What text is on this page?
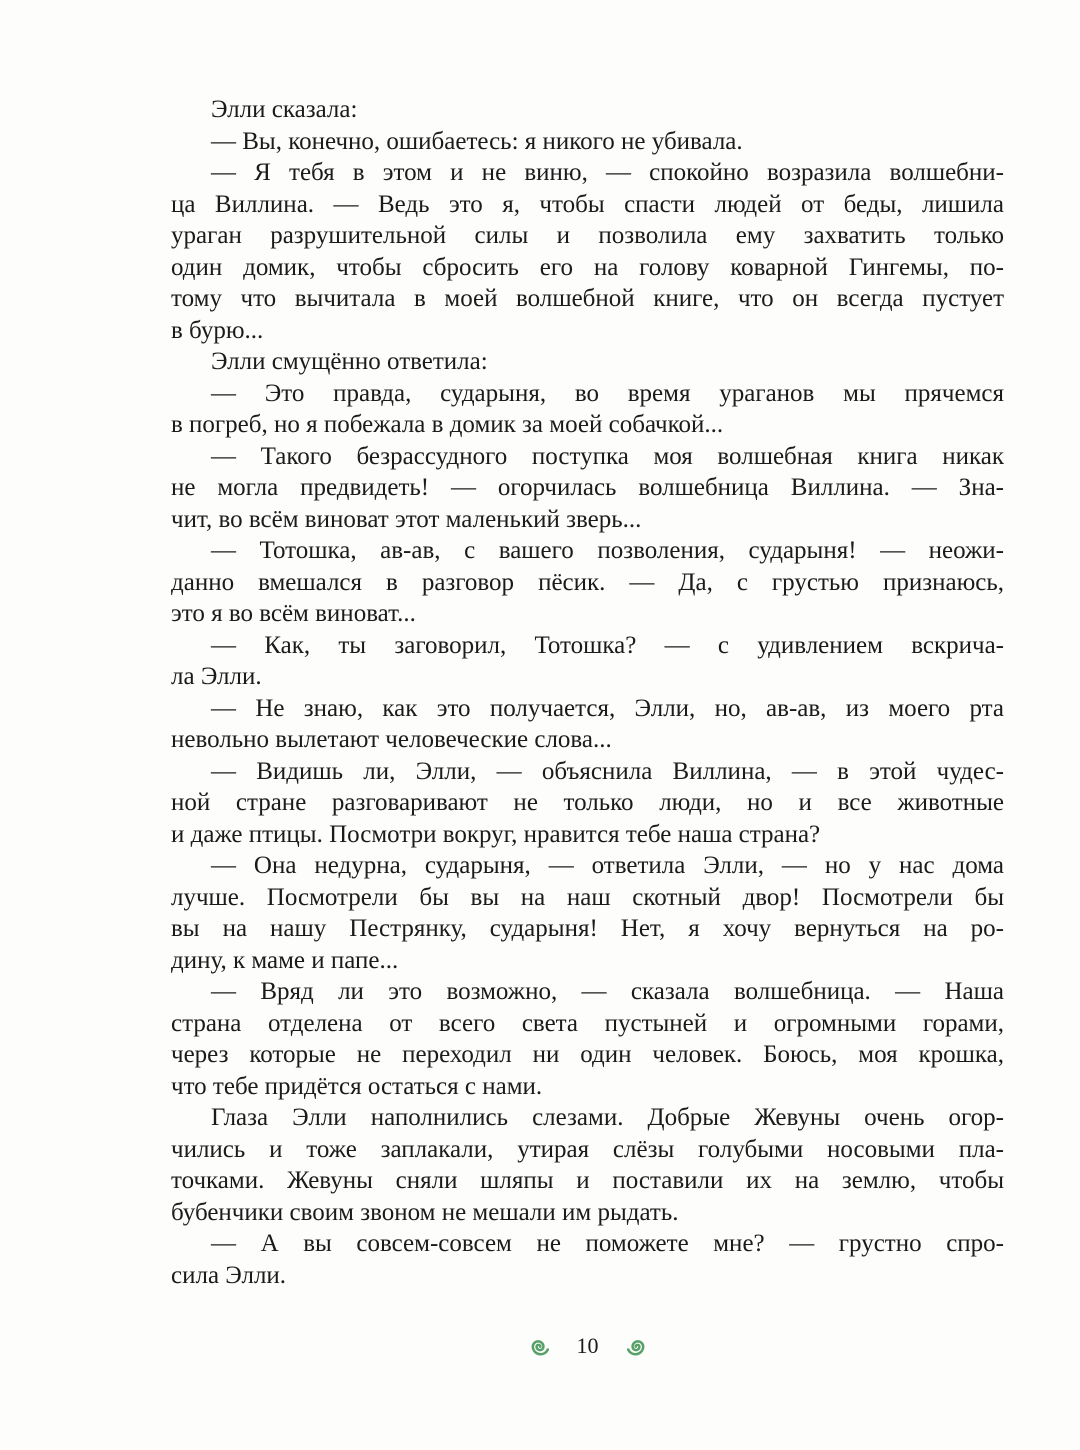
Элли сказала:
— Вы, конечно, ошибаетесь: я никого не убивала.
— Я тебя в этом и не виню, — спокойно возразила волшебни-
ца Виллина. — Ведь это я, чтобы спасти людей от беды, лишила
ураган разрушительной силы и позволила ему захватить только
один домик, чтобы сбросить его на голову коварной Гингемы, по-
тому что вычитала в моей волшебной книге, что он всегда пустует
в бурю...
Элли смущённо ответила:
— Это правда, сударыня, во время ураганов мы прячемся
в погреб, но я побежала в домик за моей собачкой...
— Такого безрассудного поступка моя волшебная книга никак
не могла предвидеть! — огорчилась волшебница Виллина. — Зна-
чит, во всём виноват этот маленький зверь...
— Тотошка, ав-ав, с вашего позволения, сударыня! — неожи-
данно вмешался в разговор пёсик. — Да, с грустью признаюсь,
это я во всём виноват...
— Как, ты заговорил, Тотошка? — с удивлением вскрича-
ла Элли.
— Не знаю, как это получается, Элли, но, ав-ав, из моего рта
невольно вылетают человеческие слова...
— Видишь ли, Элли, — объяснила Виллина, — в этой чудес-
ной стране разговаривают не только люди, но и все животные
и даже птицы. Посмотри вокруг, нравится тебе наша страна?
— Она недурна, сударыня, — ответила Элли, — но у нас дома
лучше. Посмотрели бы вы на наш скотный двор! Посмотрели бы
вы на нашу Пестрянку, сударыня! Нет, я хочу вернуться на ро-
дину, к маме и папе...
— Вряд ли это возможно, — сказала волшебница. — Наша
страна отделена от всего света пустыней и огромными горами,
через которые не переходил ни один человек. Боюсь, моя крошка,
что тебе придётся остаться с нами.
Глаза Элли наполнились слезами. Добрые Жевуны очень огор-
чились и тоже заплакали, утирая слёзы голубыми носовыми пла-
точками. Жевуны сняли шляпы и поставили их на землю, чтобы
бубенчики своим звоном не мешали им рыдать.
— А вы совсем-совсем не поможете мне? — грустно спро-
сила Элли.
10
